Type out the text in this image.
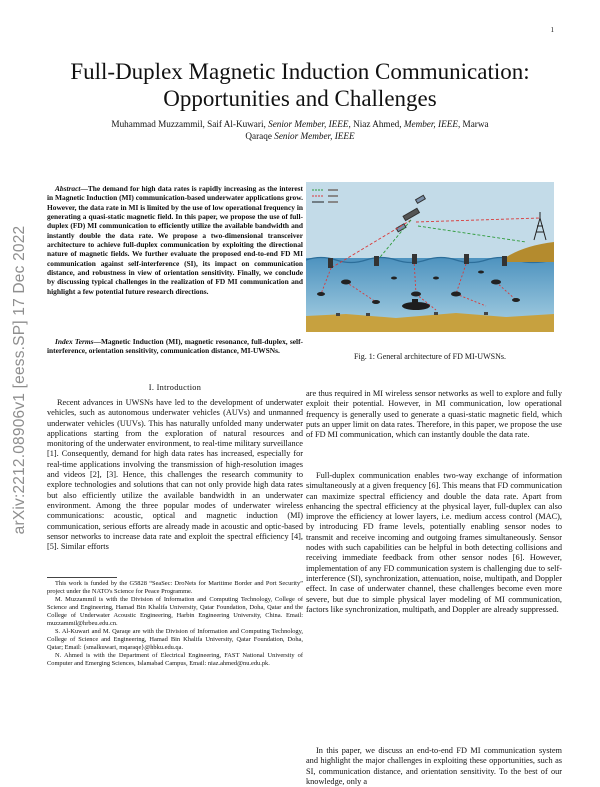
1
arXiv:2212.08906v1 [eess.SP] 17 Dec 2022
Full-Duplex Magnetic Induction Communication: Opportunities and Challenges
Muhammad Muzzammil, Saif Al-Kuwari, Senior Member, IEEE, Niaz Ahmed, Member, IEEE, Marwa
Qaraqe Senior Member, IEEE
Abstract—The demand for high data rates is rapidly increasing as the interest in Magnetic Induction (MI) communication-based underwater applications grow. However, the data rate in MI is limited by the use of low operational frequency in generating a quasi-static magnetic field. In this paper, we propose the use of full-duplex (FD) MI communication to efficiently utilize the available bandwidth and instantly double the data rate. We propose a two-dimensional transceiver architecture to achieve full-duplex communication by exploiting the directional nature of magnetic fields. We further evaluate the proposed end-to-end FD MI communication against self-interference (SI), its impact on communication distance, and robustness in view of orientation sensitivity. Finally, we conclude by discussing typical challenges in the realization of FD MI communication and highlight a few potential future research directions.
Index Terms—Magnetic Induction (MI), magnetic resonance, full-duplex, self-interference, orientation sensitivity, communication distance, MI-UWSNs.
I. Introduction
Recent advances in UWSNs have led to the development of underwater vehicles, such as autonomous underwater vehicles (AUVs) and unmanned underwater vehicles (UUVs). This has naturally unfolded many underwater applications starting from the exploration of natural resources and monitoring of the underwater environment, to real-time military surveillance [1]. Consequently, demand for high data rates has increased, especially for real-time applications involving the transmission of high-resolution images and videos [2], [3]. Hence, this challenges the research community to explore technologies and solutions that can not only provide high data rates but also efficiently utilize the available bandwidth in an underwater environment. Among the three popular modes of underwater wireless communications: acoustic, optical and magnetic induction (MI) communication, serious efforts are already made in acoustic and optic-based sensor networks to increase data rate and exploit the spectral efficiency [4], [5]. Similar efforts

This work is funded by the G5828 “SeaSec: DroNets for Maritime Border and Port Security” project under the NATO's Science for Peace Programme.

M. Muzzammil is with the Division of Information and Computing Technology, College of Science and Engineering, Hamad Bin Khalifa University, Qatar Foundation, Doha, Qatar and the College of Underwater Acoustic Engineering, Harbin Engineering University, China. Email: muzzammil@hrbeu.edu.cn.

S. Al-Kuwari and M. Qaraqe are with the Division of Information and Computing Technology, College of Science and Engineering, Hamad Bin Khalifa University, Qatar Foundation, Doha, Qatar; Email: {smalkuwari, mqaraqe}@hbku.edu.qa.

N. Ahmed is with the Department of Electrical Engineering, FAST National University of Computer and Emerging Sciences, Islamabad Campus, Email: niaz.ahmed@nu.edu.pk.

Fig. 1: General architecture of FD MI-UWSNs.
are thus required in MI wireless sensor networks as well to explore and fully exploit their potential. However, in MI communication, low operational frequency is generally used to generate a quasi-static magnetic field, which puts an upper limit on data rates. Therefore, in this paper, we propose the use of FD MI communication, which can instantly double the data rate.
Full-duplex communication enables two-way exchange of information simultaneously at a given frequency [6]. This means that FD communication can maximize spectral efficiency and double the data rate. Apart from enhancing the spectral efficiency at the physical layer, full-duplex can also improve the efficiency at lower layers, i.e. medium access control (MAC), by introducing FD frame levels, potentially enabling sensor nodes to transmit and receive incoming and outgoing frames simultaneously. Sensor nodes with such capabilities can be helpful in both detecting collisions and receiving immediate feedback from other sensor nodes [6]. However, implementation of any FD communication system is challenging due to self-interference (SI), synchronization, attenuation, noise, multipath, and Doppler effect. In case of underwater channel, these challenges become even more severe, but due to simple physical layer modeling of MI communication, factors like synchronization, multipath, and Doppler are already suppressed.
In this paper, we discuss an end-to-end FD MI communication system and highlight the major challenges in exploiting these opportunities, such as SI, communication distance, and orientation sensitivity. To the best of our knowledge, only a
